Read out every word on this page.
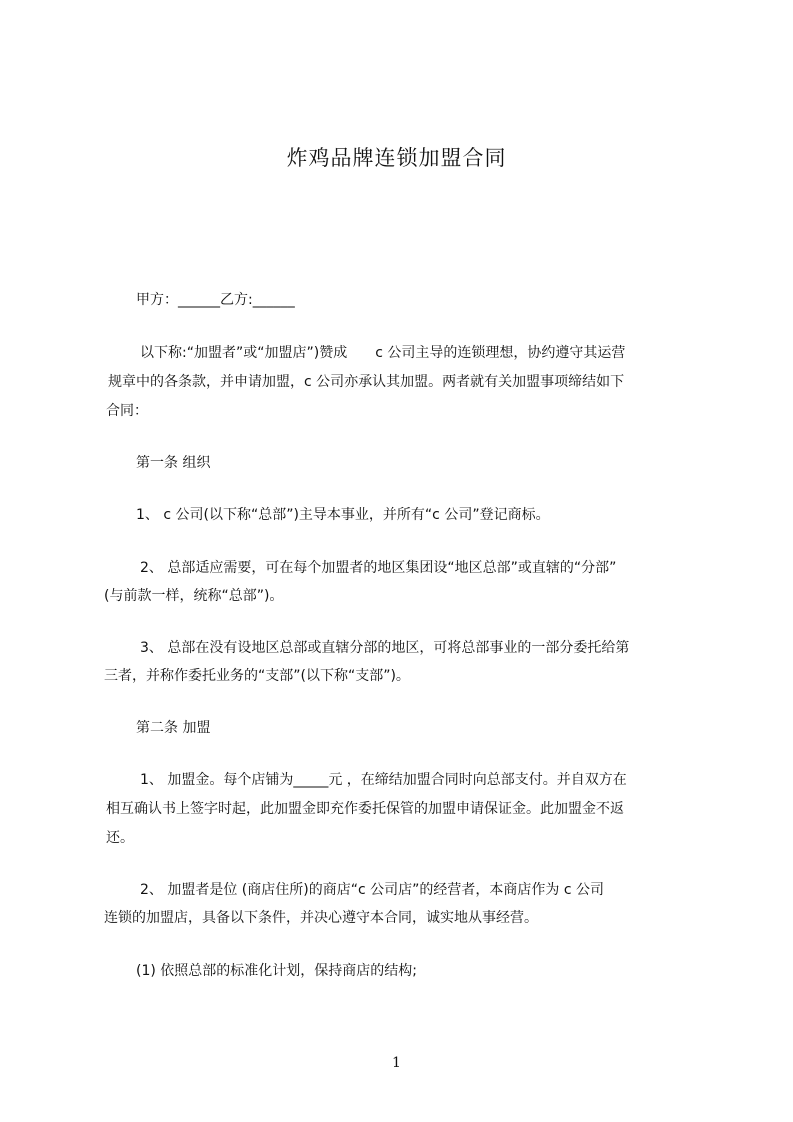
炸鸡品牌连锁加盟合同
甲方：______乙方:______
以下称:“加盟者”或“加盟店”)赞成　　c 公司主导的连锁理想，协约遵守其运营
规章中的各条款，并申请加盟，c 公司亦承认其加盟。两者就有关加盟事项缔结如下
合同：
第一条 组织
1、 c 公司(以下称“总部”)主导本事业，并所有“c 公司”登记商标。
2、 总部适应需要，可在每个加盟者的地区集团设“地区总部”或直辖的“分部”
(与前款一样，统称“总部”)。
3、 总部在没有设地区总部或直辖分部的地区，可将总部事业的一部分委托给第
三者，并称作委托业务的“支部”(以下称“支部”)。
第二条 加盟
1、 加盟金。每个店铺为_____元 ，在缔结加盟合同时向总部支付。并自双方在
相互确认书上签字时起，此加盟金即充作委托保管的加盟申请保证金。此加盟金不返
还。
2、 加盟者是位 (商店住所)的商店“c 公司店”的经营者，本商店作为 c 公司
连锁的加盟店，具备以下条件，并决心遵守本合同，诚实地从事经营。
(1) 依照总部的标准化计划，保持商店的结构;
1
